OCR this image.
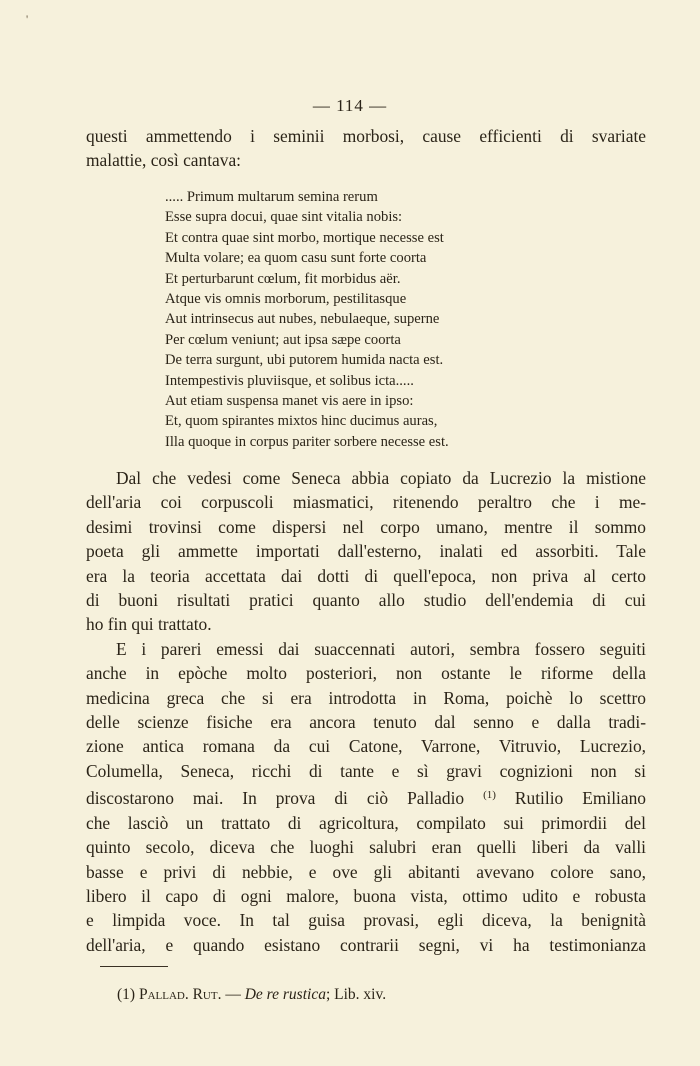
'
— 114 —
questi ammettendo i seminii morbosi, cause efficienti di svariate
malattie, così cantava:
..... Primum multarum semina rerum
Esse supra docui, quae sint vitalia nobis:
Et contra quae sint morbo, mortique necesse est
Multa volare; ea quom casu sunt forte coorta
Et perturbarunt cœlum, fit morbidus aër.
Atque vis omnis morborum, pestilitasque
Aut intrinsecus aut nubes, nebulaeque, superne
Per cœlum veniunt; aut ipsa sæpe coorta
De terra surgunt, ubi putorem humida nacta est.
Intempestivis pluviisque, et solibus icta.....
Aut etiam suspensa manet vis aere in ipso:
Et, quom spirantes mixtos hinc ducimus auras,
Illa quoque in corpus pariter sorbere necesse est.
Dal che vedesi come Seneca abbia copiato da Lucrezio la mistione
dell'aria coi corpuscoli miasmatici, ritenendo peraltro che i me-
desimi trovinsi come dispersi nel corpo umano, mentre il sommo
poeta gli ammette importati dall'esterno, inalati ed assorbiti. Tale
era la teoria accettata dai dotti di quell'epoca, non priva al certo
di buoni risultati pratici quanto allo studio dell'endemia di cui
ho fin qui trattato.
E i pareri emessi dai suaccennati autori, sembra fossero seguiti
anche in epòche molto posteriori, non ostante le riforme della
medicina greca che si era introdotta in Roma, poichè lo scettro
delle scienze fisiche era ancora tenuto dal senno e dalla tradi-
zione antica romana da cui Catone, Varrone, Vitruvio, Lucrezio,
Columella, Seneca, ricchi di tante e sì gravi cognizioni non si
discostarono mai. In prova di ciò Palladio $^{(1)}$ Rutilio Emiliano
che lasciò un trattato di agricoltura, compilato sui primordii del
quinto secolo, diceva che luoghi salubri eran quelli liberi da valli
basse e privi di nebbie, e ove gli abitanti avevano colore sano,
libero il capo di ogni malore, buona vista, ottimo udito e robusta
e limpida voce. In tal guisa provasi, egli diceva, la benignità
dell'aria, e quando esistano contrarii segni, vi ha testimonianza
(1) Pallad. Rut. — De re rustica; Lib. xiv.
